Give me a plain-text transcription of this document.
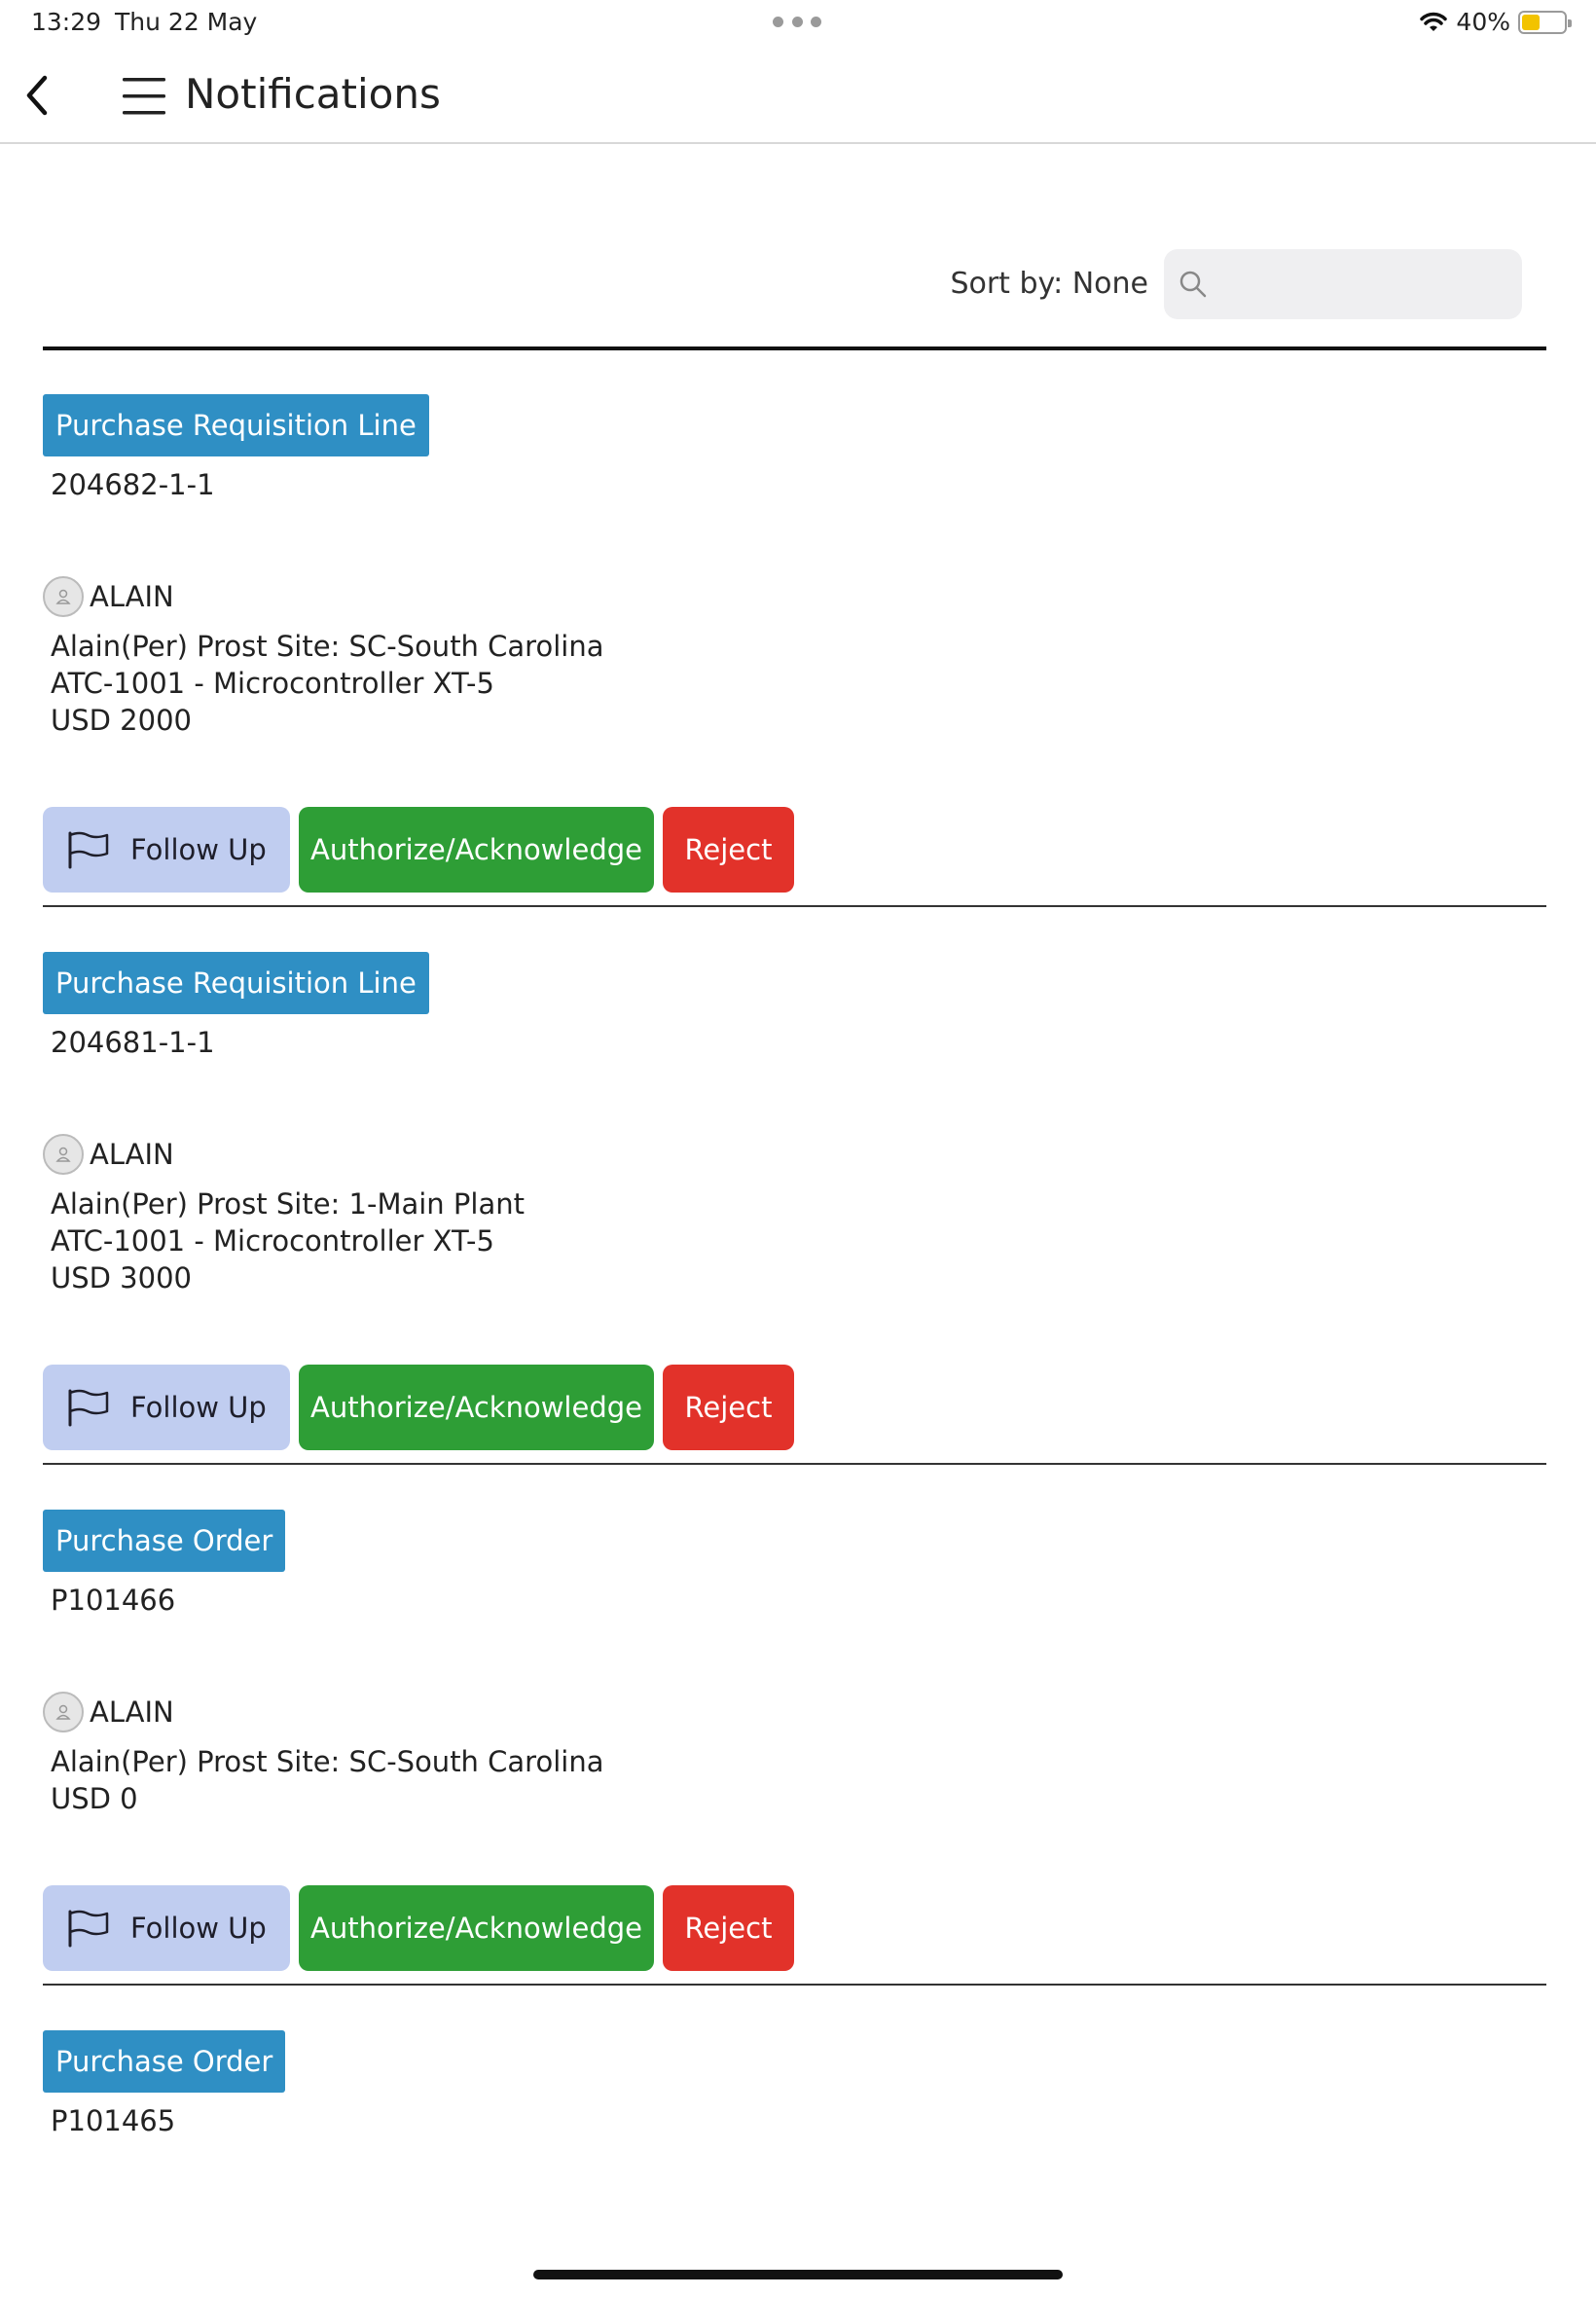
13:29 Thu 22 May	40%
Notifications
Sort by: None
Purchase Requisition Line
204682-1-1
ALAIN
Alain(Per) Prost Site: SC-South Carolina
ATC-1001 - Microcontroller XT-5
USD 2000
Follow Up	Authorize/Acknowledge	Reject
Purchase Requisition Line
204681-1-1
ALAIN
Alain(Per) Prost Site: 1-Main Plant
ATC-1001 - Microcontroller XT-5
USD 3000
Follow Up	Authorize/Acknowledge	Reject
Purchase Order
P101466
ALAIN
Alain(Per) Prost Site: SC-South Carolina
USD 0
Follow Up	Authorize/Acknowledge	Reject
Purchase Order
P101465
